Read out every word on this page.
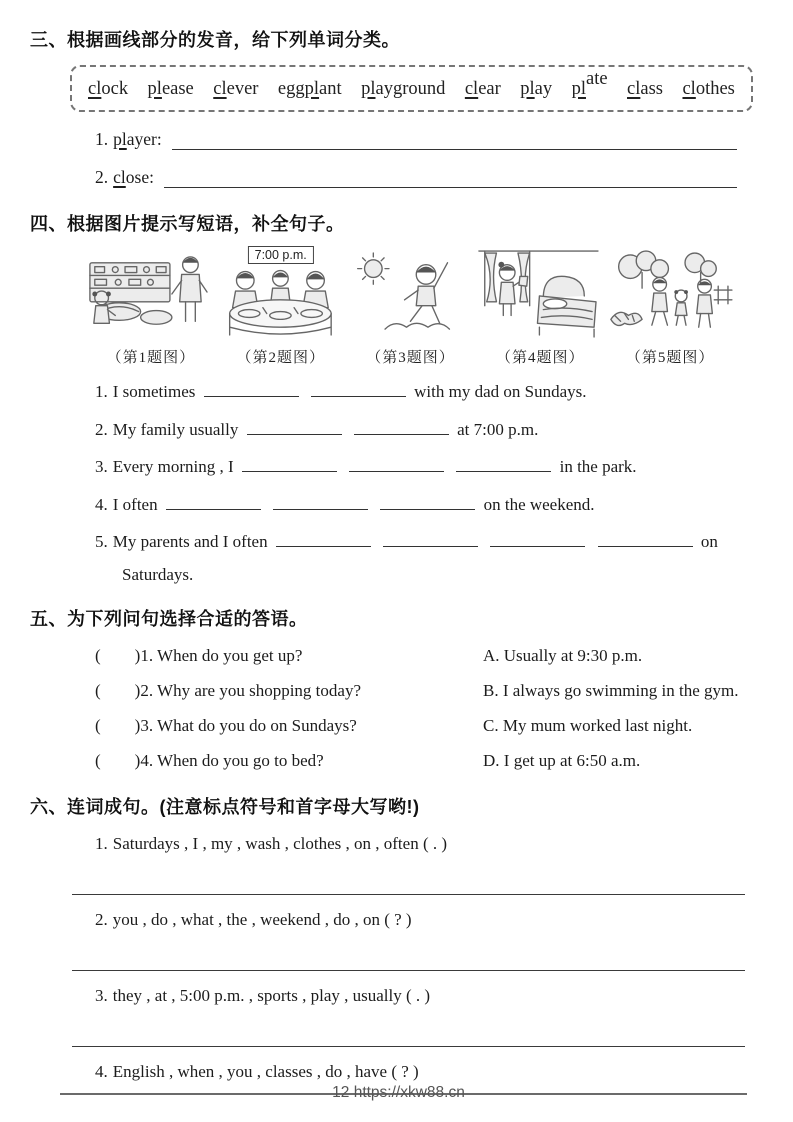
三、根据画线部分的发音，给下列单词分类。
clock please clever eggplant playground clear play plate
class clothes
1. player:
2. close:
四、根据图片提示写短语，补全句子。
（第1题图）
7:00 p.m.
（第2题图）	（第3题图）	（第4题图）	（第5题图）
1. I sometimes	with my dad on Sundays.
2. My family usually	at 7:00 p.m.
3. Every morning , I	in the park.
4. I often	on the weekend.
5. My parents and I often	on
Saturdays.
五、为下列问句选择合适的答语。
( )1. When do you get up?	A. Usually at 9:30 p.m.
( )2. Why are you shopping today?	B. I always go swimming in the gym.
( )3. What do you do on Sundays?	C. My mum worked last night.
( )4. When do you go to bed?	D. I get up at 6:50 a.m.
六、连词成句。(注意标点符号和首字母大写哟!)
1. Saturdays , I , my , wash , clothes , on , often ( . )
2. you , do , what , the , weekend , do , on ( ? )
3. they , at , 5:00 p.m. , sports , play , usually ( . )
4. English , when , you , classes , do , have ( ? )
12 https://xkw88.cn
